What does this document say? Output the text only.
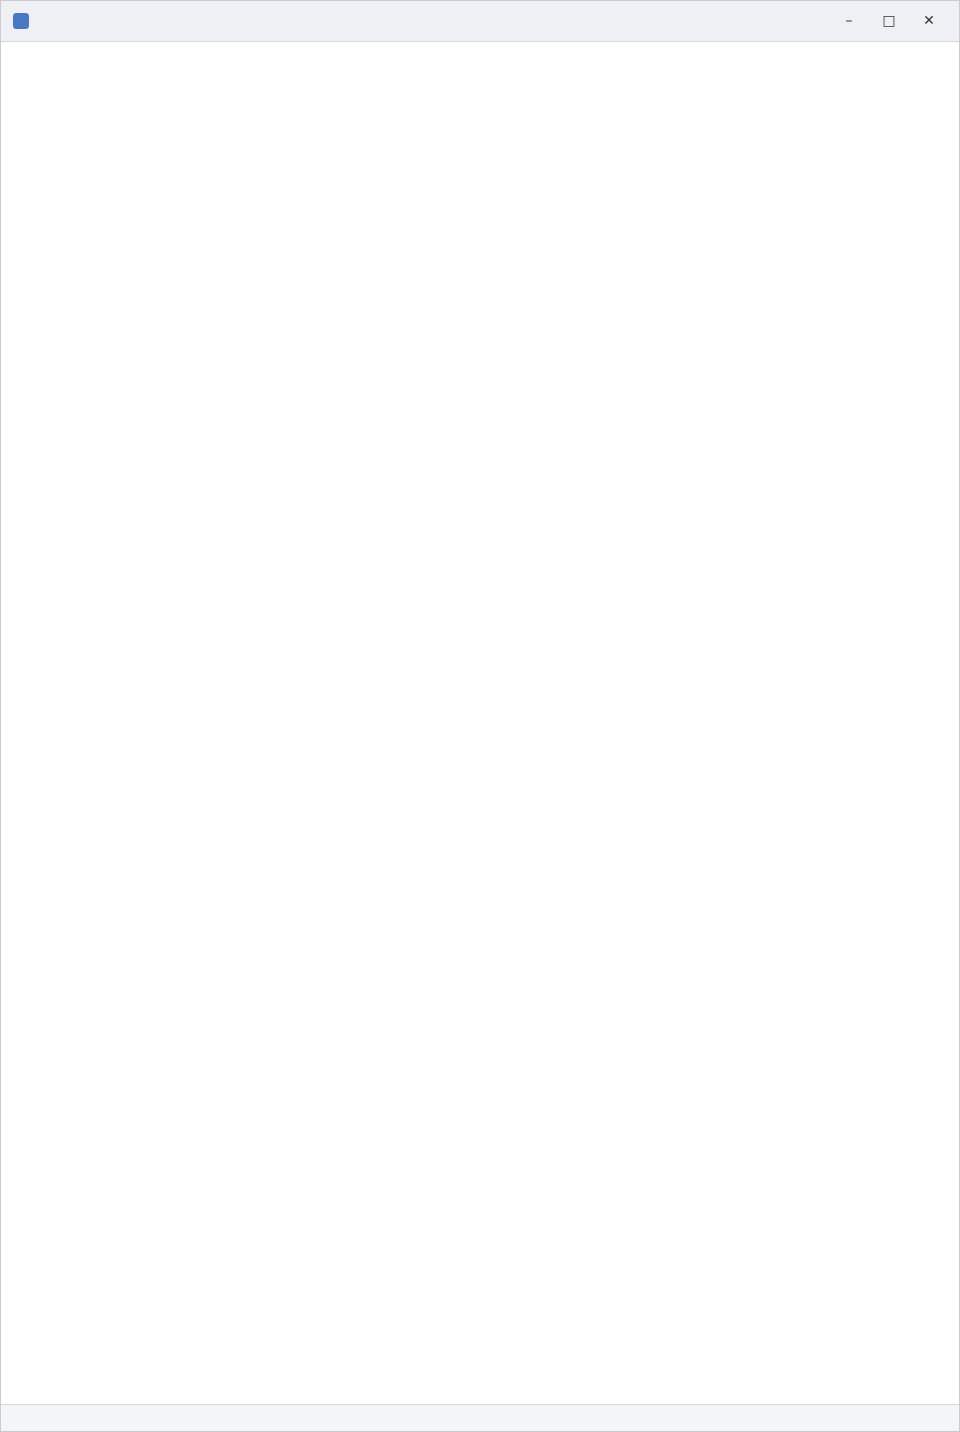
–	□	✕
